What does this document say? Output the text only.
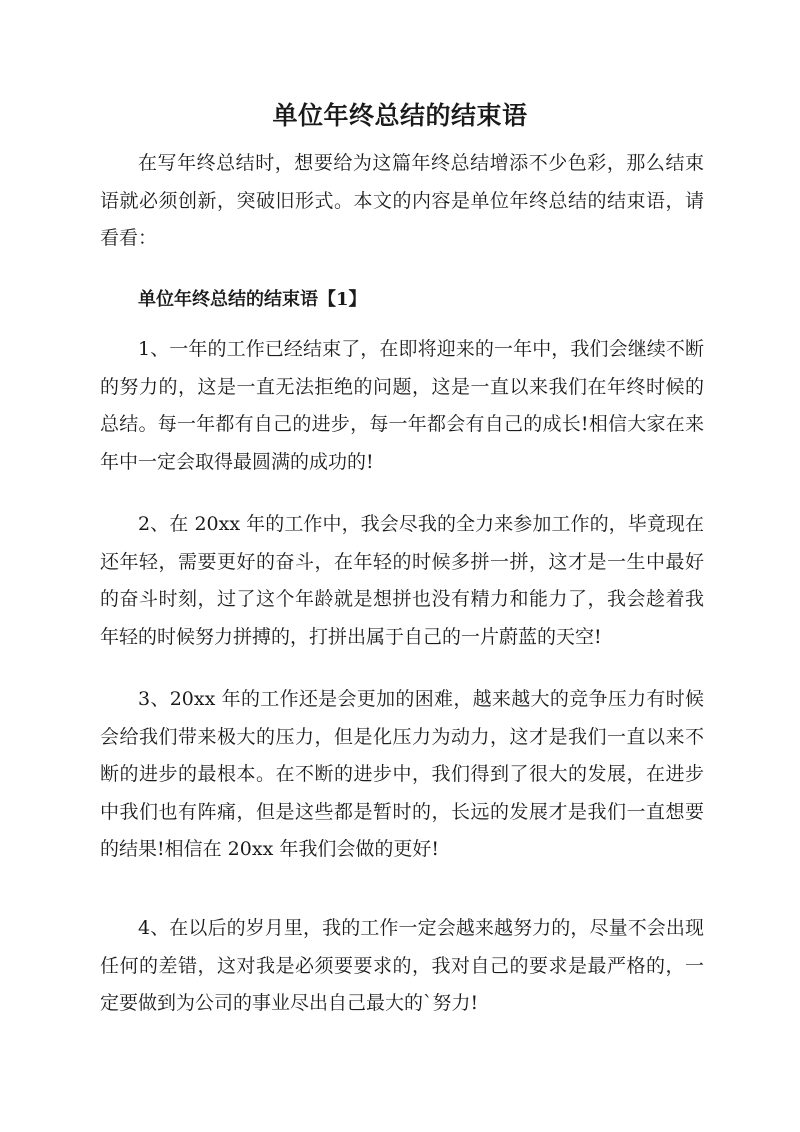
单位年终总结的结束语

在写年终总结时，想要给为这篇年终总结增添不少色彩，那么结束语就必须创新，突破旧形式。本文的内容是单位年终总结的结束语，请看看：

单位年终总结的结束语【1】

1、一年的工作已经结束了，在即将迎来的一年中，我们会继续不断的努力的，这是一直无法拒绝的问题，这是一直以来我们在年终时候的总结。每一年都有自己的进步，每一年都会有自己的成长!相信大家在来年中一定会取得最圆满的成功的!

2、在 20xx 年的工作中，我会尽我的全力来参加工作的，毕竟现在还年轻，需要更好的奋斗，在年轻的时候多拼一拼，这才是一生中最好的奋斗时刻，过了这个年龄就是想拼也没有精力和能力了，我会趁着我年轻的时候努力拼搏的，打拼出属于自己的一片蔚蓝的天空!

3、20xx 年的工作还是会更加的困难，越来越大的竞争压力有时候会给我们带来极大的压力，但是化压力为动力，这才是我们一直以来不断的进步的最根本。在不断的进步中，我们得到了很大的发展，在进步中我们也有阵痛，但是这些都是暂时的，长远的发展才是我们一直想要的结果!相信在 20xx 年我们会做的更好!

4、在以后的岁月里，我的工作一定会越来越努力的，尽量不会出现任何的差错，这对我是必须要要求的，我对自己的要求是最严格的，一定要做到为公司的事业尽出自己最大的`努力!
